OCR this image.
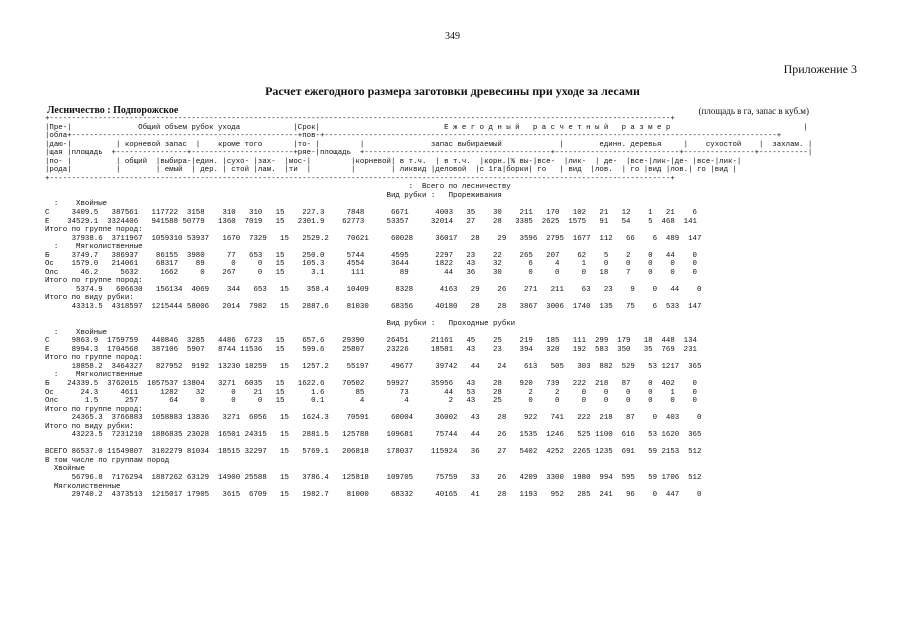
349
Приложение 3
Расчет ежегодного размера заготовки древесины при уходе за лесами
Лесничество : Подпорожское	(площадь в га, запас в куб.м)
+--------------------------------------------------------------------------------------------------------------------------------------------+
|Пре-|               Общий объем рубок ухода            |Срок|                            Е ж е г о д н ы й   р а с ч е т н ы й   р а з м е р                              |
|обла+---------------------------------------------------+пов-+------------------------------------------------------------------------------------------------------+
|даю-|          | корневой запас  |    кроме того       |то- |         |               запас выбираемый             |        единн. деревья     |    сухостой    |  захлам. |
|щая |площадь  +----------------+-----------------------+ряе-|площадь  +------------------------------------------+----------------------------+----------------+-----------|
|по- |          | общий  |выбира-|един. |сухо- |зах-  |мос-|         |корневой| в т.ч.  | в т.ч.  |корн.|% вы-|все-  |лик-  | де-  |все-|лик-|де- |все-|лик-|
|рода|          |        | емый  | дер. | стой |лам.  |ти  |         |        | ликвид |деловой  |с 1га|борки| го   | вид  |лов.  | го |вид |лов.| го |вид |
+--------------------------------------------------------------------------------------------------------------------------------------------+
:  Всего по лесничеству
Вид рубки :   Прореживания
:    Хвойные
С     3409.5   387561   117722  3158    310   310   15    227.3     7848      6671      4003   35    30    211   170   102   21   12    1   21    6
Е    34529.1  3324406   941588 50779   1360  7019   15   2301.9    62773     53357     32014   27    28   3385  2625  1575   91   54    5  468  141
Итого по группе пород:
37938.6  3711967  1059310 53937   1670  7329   15   2529.2    70621     60028     36017   28    29   3596  2795  1677  112   66    6  489  147
:    Мягколиственные
Б     3749.7   386937    86155  3980     77   653   15    250.0     5744      4595      2297   23    22    265   207    62    5    2    0   44    0
Ос    1579.0   214061    68317    89      0     0   15    105.3     4554      3644      1822   43    32      6     4     1    0    0    0    0    0
Олс     46.2     5632     1662     0    267     0   15      3.1      111        89        44   36    30      0     0     0   18    7    0    0    0
Итого по группе пород:
5374.9   606630   156134  4069    344   653   15    358.4    10409      8328      4163   29    26    271   211    63   23    9    0   44    0
Итого по виду рубки:
43313.5  4318597  1215444 58006   2014  7982   15   2887.6    81030     68356     40180   28    28   3867  3006  1740  135   75    6  533  147

Вид рубки :   Проходные рубки
:    Хвойные
С     9863.9  1759759   440846  3285   4486  6723   15    657.6    29390     26451     21161   45    25    219   185   111  299  179   18  448  134
Е     8994.3  1704568   387106  5907   8744 11536   15    599.6    25807     23226     18581   43    23    394   320   192  583  350   35  769  231
Итого по группе пород:
18858.2  3464327   827952  9192  13230 18259   15   1257.2    55197     49677     39742   44    24    613   505   303  882  529   53 1217  365
:    Мягколиственные
Б    24339.5  3762015  1057537 13804   3271  6035   15   1622.6    70502     59927     35956   43    28    920   739   222  218   87    0  402    0
Ос      24.3     4611     1282    32      0    21   15      1.6       85        73        44   53    28      2     2     0    0    0    0    1    0
Олс      1.5      257       64     0      0     0   15      0.1        4         4         2   43    25      0     0     0    0    0    0    0    0
Итого по группе пород:
24365.3  3766883  1058883 13836   3271  6056   15   1624.3    70591     60004     36002   43    28    922   741   222  218   87    0  403    0
Итого по виду рубки:
43223.5  7231210  1886835 23028  16501 24315   15   2881.5   125788    109681     75744   44    26   1535  1246   525 1100  616   53 1620  365

ВСЕГО 86537.0 11549807  3102279 81034  18515 32297   15   5769.1   206818    178037    115924   36    27   5402  4252  2265 1235  691   59 2153  512
В том числе по группам пород
Хвойные
56796.8  7176294  1887262 63129  14900 25588   15   3786.4   125818    109705     75759   33    26   4209  3300  1980  994  595   59 1706  512
Мягколиственные
29740.2  4373513  1215017 17905   3615  6709   15   1982.7    81000     68332     40165   41    28   1193   952   285  241   96    0  447    0
